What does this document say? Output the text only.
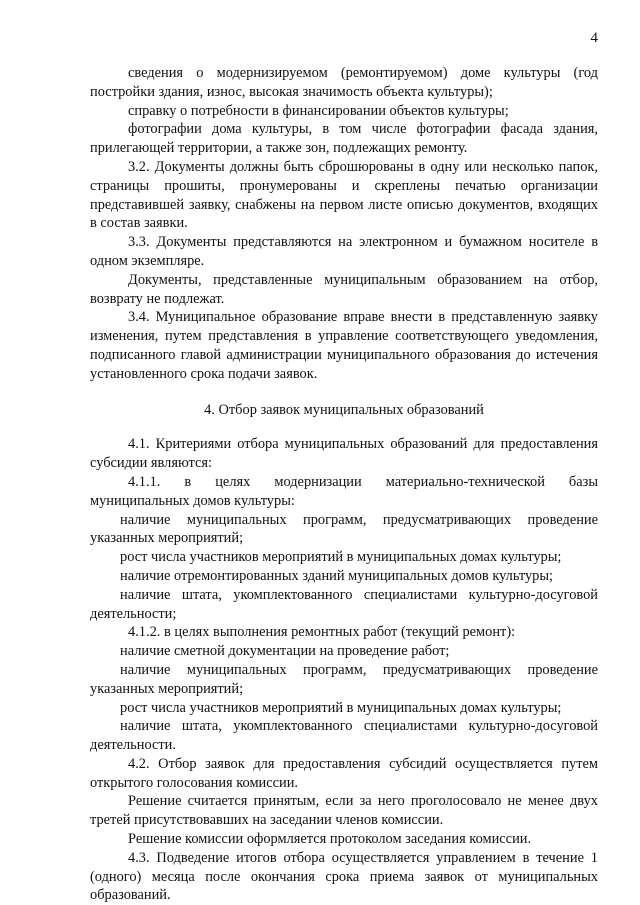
4

сведения о модернизируемом (ремонтируемом) доме культуры (год постройки здания, износ, высокая значимость объекта культуры);

справку о потребности в финансировании объектов культуры;

фотографии дома культуры, в том числе фотографии фасада здания, прилегающей территории, а также зон, подлежащих ремонту.

3.2. Документы должны быть сброшюрованы в одну или несколько папок, страницы прошиты, пронумерованы и скреплены печатью организации представившей заявку, снабжены на первом листе описью документов, входящих в состав заявки.

3.3. Документы представляются на электронном и бумажном носителе в одном экземпляре.

Документы, представленные муниципальным образованием на отбор, возврату не подлежат.

3.4. Муниципальное образование вправе внести в представленную заявку изменения, путем представления в управление соответствующего уведомления, подписанного главой администрации муниципального образования до истечения установленного срока подачи заявок.

4. Отбор заявок муниципальных образований

4.1. Критериями отбора муниципальных образований для предоставления субсидии являются:

4.1.1. в целях модернизации материально-технической базы муниципальных домов культуры:

наличие муниципальных программ, предусматривающих проведение указанных мероприятий;

рост числа участников мероприятий в муниципальных домах культуры;

наличие отремонтированных зданий муниципальных домов культуры;

наличие штата, укомплектованного специалистами культурно-досуговой деятельности;

4.1.2. в целях выполнения ремонтных работ (текущий ремонт):

наличие сметной документации на проведение работ;

наличие муниципальных программ, предусматривающих проведение указанных мероприятий;

рост числа участников мероприятий в муниципальных домах культуры;

наличие штата, укомплектованного специалистами культурно-досуговой деятельности.

4.2. Отбор заявок для предоставления субсидий осуществляется путем открытого голосования комиссии.

Решение считается принятым, если за него проголосовало не менее двух третей присутствовавших на заседании членов комиссии.

Решение комиссии оформляется протоколом заседания комиссии.

4.3. Подведение итогов отбора осуществляется управлением в течение 1 (одного) месяца после окончания срока приема заявок от муниципальных образований.
